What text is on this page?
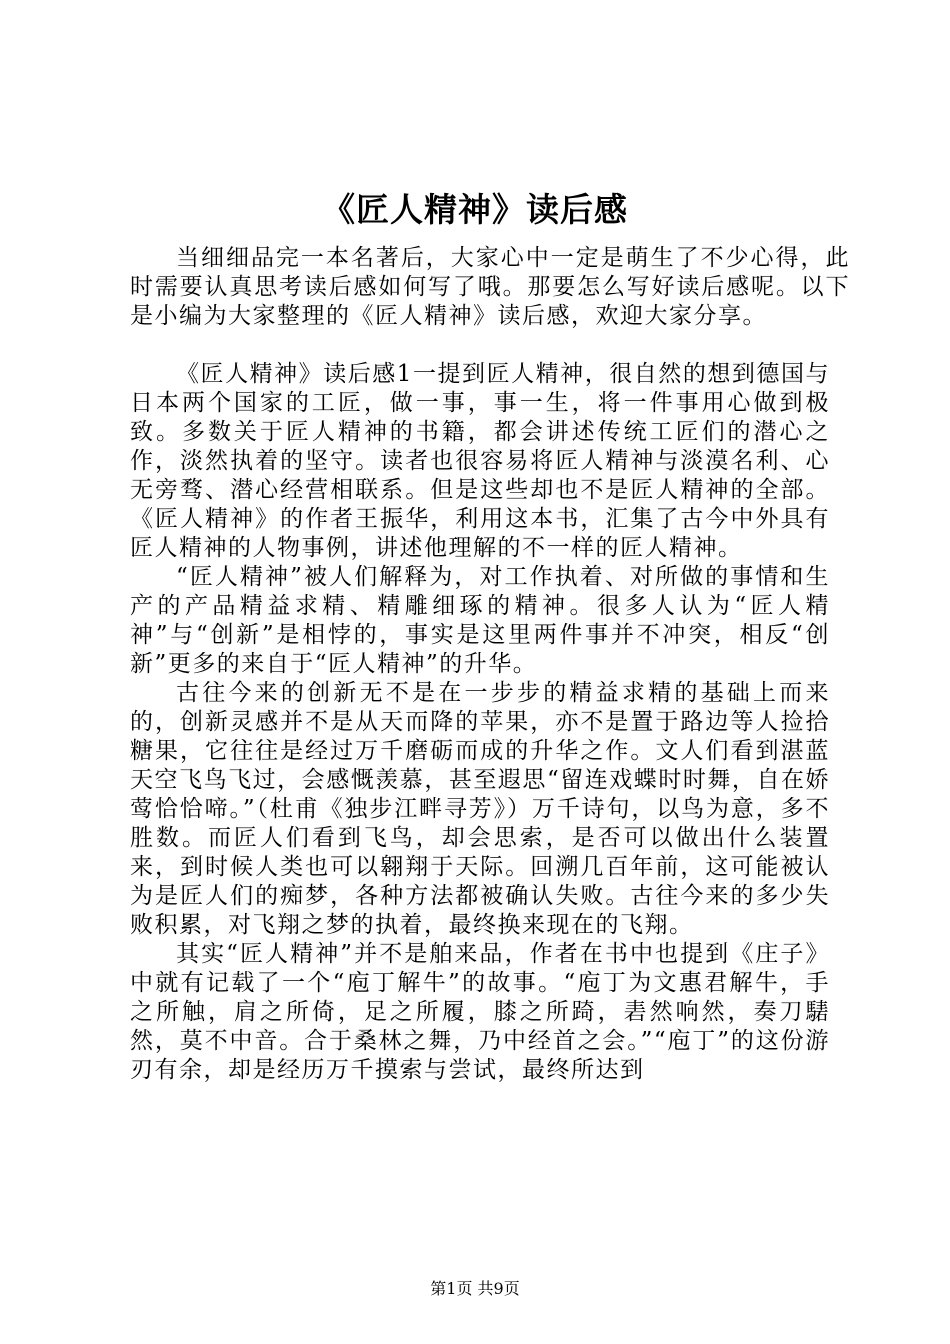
《匠人精神》读后感

当细细品完一本名著后，大家心中一定是萌生了不少心得，此时需要认真思考读后感如何写了哦。那要怎么写好读后感呢。以下是小编为大家整理的《匠人精神》读后感，欢迎大家分享。

《匠人精神》读后感1一提到匠人精神，很自然的想到德国与日本两个国家的工匠，做一事，事一生，将一件事用心做到极致。多数关于匠人精神的书籍，都会讲述传统工匠们的潜心之作，淡然执着的坚守。读者也很容易将匠人精神与淡漠名利、心无旁骛、潜心经营相联系。但是这些却也不是匠人精神的全部。《匠人精神》的作者王振华，利用这本书，汇集了古今中外具有匠人精神的人物事例，讲述他理解的不一样的匠人精神。

“匠人精神”被人们解释为，对工作执着、对所做的事情和生产的产品精益求精、精雕细琢的精神。很多人认为“匠人精神”与“创新”是相悖的，事实是这里两件事并不冲突，相反“创新”更多的来自于“匠人精神”的升华。

古往今来的创新无不是在一步步的精益求精的基础上而来的，创新灵感并不是从天而降的苹果，亦不是置于路边等人捡拾糖果，它往往是经过万千磨砺而成的升华之作。文人们看到湛蓝天空飞鸟飞过，会感慨羡慕，甚至遐思“留连戏蝶时时舞，自在娇莺恰恰啼。”（杜甫《独步江畔寻芳》）万千诗句，以鸟为意，多不胜数。而匠人们看到飞鸟，却会思索，是否可以做出什么装置来，到时候人类也可以翱翔于天际。回溯几百年前，这可能被认为是匠人们的痴梦，各种方法都被确认失败。古往今来的多少失败积累，对飞翔之梦的执着，最终换来现在的飞翔。

其实“匠人精神”并不是舶来品，作者在书中也提到《庄子》中就有记载了一个“庖丁解牛”的故事。“庖丁为文惠君解牛，手之所触，肩之所倚，足之所履，膝之所踦，砉然响然，奏刀騞然，莫不中音。合于桑林之舞，乃中经首之会。”“庖丁”的这份游刃有余，却是经历万千摸索与尝试，最终所达到

第1页 共9页
